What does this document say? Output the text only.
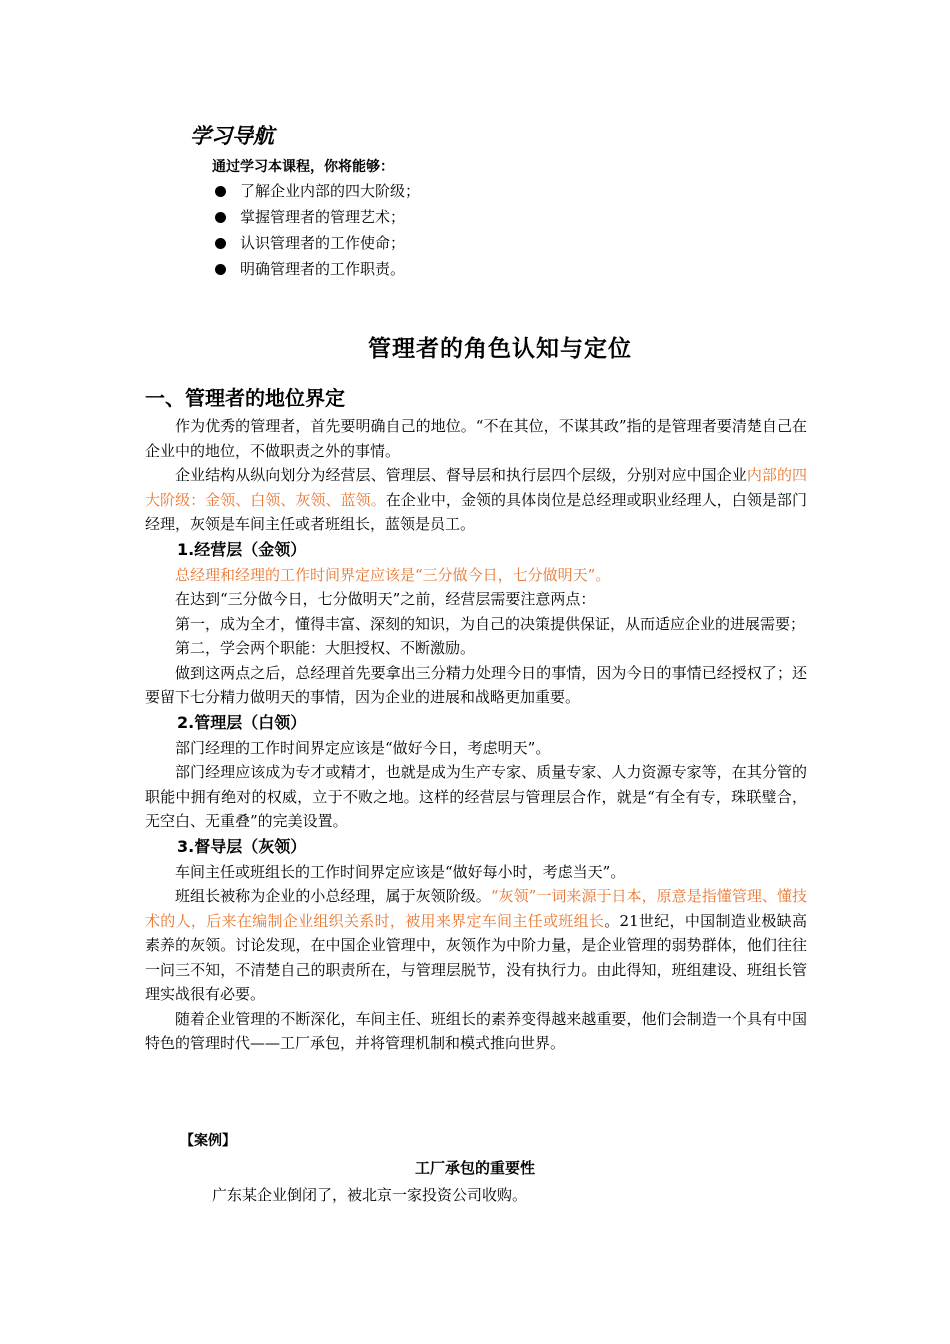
学习导航
通过学习本课程，你将能够：
了解企业内部的四大阶级；
掌握管理者的管理艺术；
认识管理者的工作使命；
明确管理者的工作职责。
管理者的角色认知与定位
一、管理者的地位界定

作为优秀的管理者，首先要明确自己的地位。“不在其位，不谋其政”指的是管理者要清楚自己在企业中的地位，不做职责之外的事情。

企业结构从纵向划分为经营层、管理层、督导层和执行层四个层级，分别对应中国企业内部的四大阶级：金领、白领、灰领、蓝领。在企业中，金领的具体岗位是总经理或职业经理人，白领是部门经理，灰领是车间主任或者班组长，蓝领是员工。

1.经营层（金领）

总经理和经理的工作时间界定应该是“三分做今日，七分做明天”。

在达到“三分做今日，七分做明天”之前，经营层需要注意两点：

第一，成为全才，懂得丰富、深刻的知识，为自己的决策提供保证，从而适应企业的进展需要；

第二，学会两个职能：大胆授权、不断激励。

做到这两点之后，总经理首先要拿出三分精力处理今日的事情，因为今日的事情已经授权了；还要留下七分精力做明天的事情，因为企业的进展和战略更加重要。

2.管理层（白领）

部门经理的工作时间界定应该是“做好今日，考虑明天”。

部门经理应该成为专才或精才，也就是成为生产专家、质量专家、人力资源专家等，在其分管的职能中拥有绝对的权威，立于不败之地。这样的经营层与管理层合作，就是“有全有专，珠联璧合，无空白、无重叠”的完美设置。

3.督导层（灰领）

车间主任或班组长的工作时间界定应该是“做好每小时，考虑当天”。

班组长被称为企业的小总经理，属于灰领阶级。“灰领”一词来源于日本，原意是指懂管理、懂技术的人，后来在编制企业组织关系时，被用来界定车间主任或班组长。21世纪，中国制造业极缺高素养的灰领。讨论发现，在中国企业管理中，灰领作为中阶力量，是企业管理的弱势群体，他们往往一问三不知，不清楚自己的职责所在，与管理层脱节，没有执行力。由此得知，班组建设、班组长管理实战很有必要。

随着企业管理的不断深化，车间主任、班组长的素养变得越来越重要，他们会制造一个具有中国特色的管理时代——工厂承包，并将管理机制和模式推向世界。

【案例】
工厂承包的重要性
广东某企业倒闭了，被北京一家投资公司收购。
